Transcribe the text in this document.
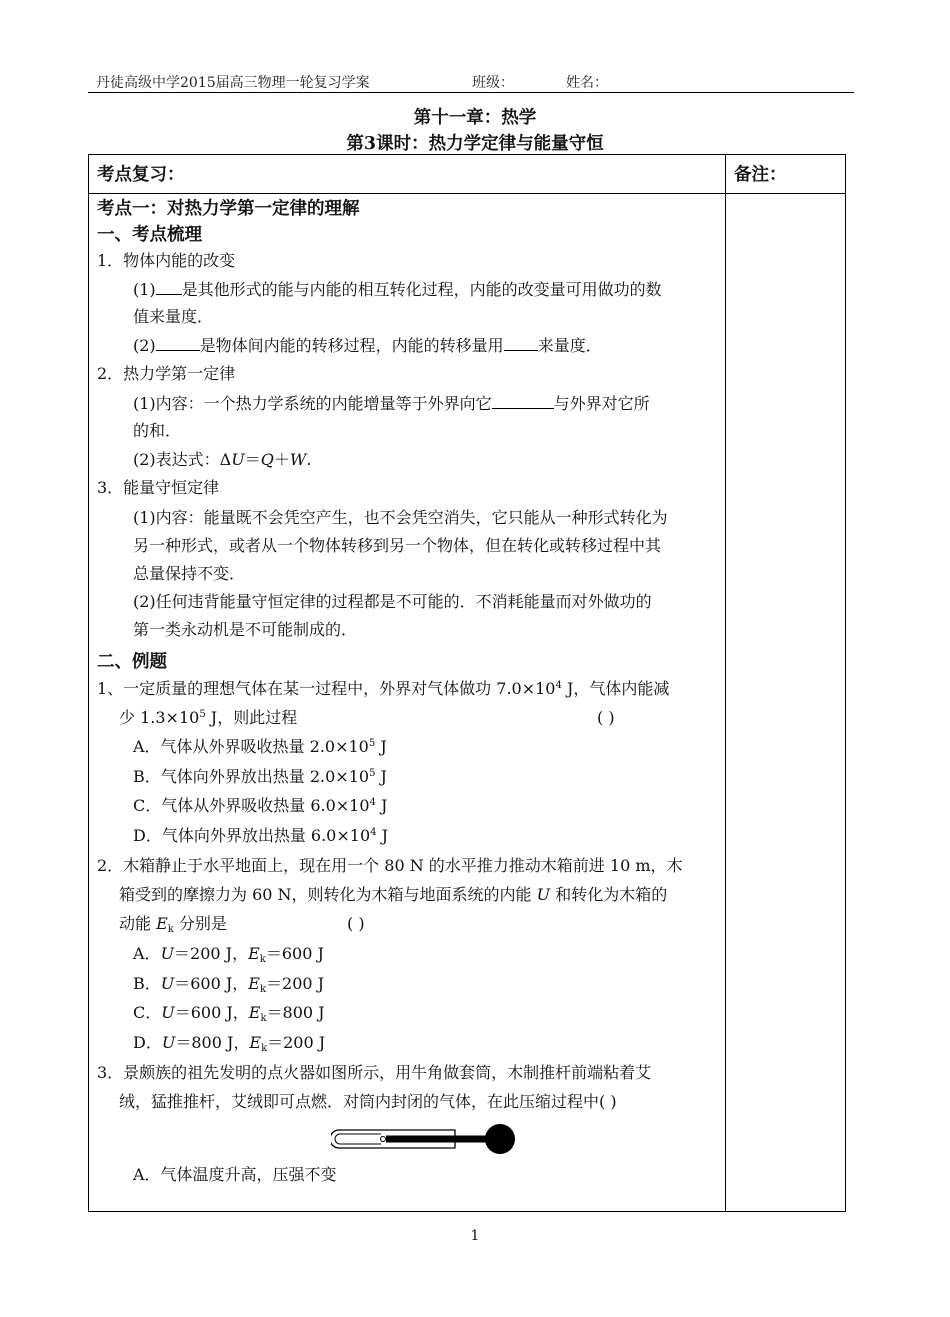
丹徒高级中学2015届高三物理一轮复习学案	班级：	姓名：
第十一章：热学
第3课时：热力学定律与能量守恒
考点复习：	备注：
考点一：对热力学第一定律的理解
一、考点梳理
1．物体内能的改变
(1) 是其他形式的能与内能的相互转化过程，内能的改变量可用做功的数
值来量度．
(2)	是物体间内能的转移过程，内能的转移量用 来量度．
2．热力学第一定律
(1)内容：一个热力学系统的内能增量等于外界向它	与外界对它所
的和．
(2)表达式：ΔU＝Q＋W.
3．能量守恒定律
(1)内容：能量既不会凭空产生，也不会凭空消失，它只能从一种形式转化为
另一种形式，或者从一个物体转移到另一个物体，但在转化或转移过程中其
总量保持不变．
(2)任何违背能量守恒定律的过程都是不可能的．不消耗能量而对外做功的
第一类永动机是不可能制成的．
二、例题
1、一定质量的理想气体在某一过程中，外界对气体做功 $7.0\times 10^4$ J，气体内能减
少 $1.3\times 10^5$ J，则此过程	( )
A．气体从外界吸收热量 $2.0\times 10^5$ J
B．气体向外界放出热量 $2.0\times 10^5$ J
C．气体从外界吸收热量 $6.0\times 10^4$ J
D．气体向外界放出热量 $6.0\times 10^4$ J
2．木箱静止于水平地面上，现在用一个 80 N 的水平推力推动木箱前进 10 m，木
箱受到的摩擦力为 60 N，则转化为木箱与地面系统的内能 U 和转化为木箱的
动能 $E_k$ 分别是	( )
A．U＝200 J，$E_k=600$ J
B．U＝600 J，$E_k=200$ J
C．U＝600 J，$E_k=800$ J
D．U＝800 J，$E_k=200$ J
3．景颇族的祖先发明的点火器如图所示，用牛角做套筒，木制推杆前端粘着艾
绒，猛推推杆，艾绒即可点燃．对筒内封闭的气体，在此压缩过程中( )
A．气体温度升高，压强不变
1
